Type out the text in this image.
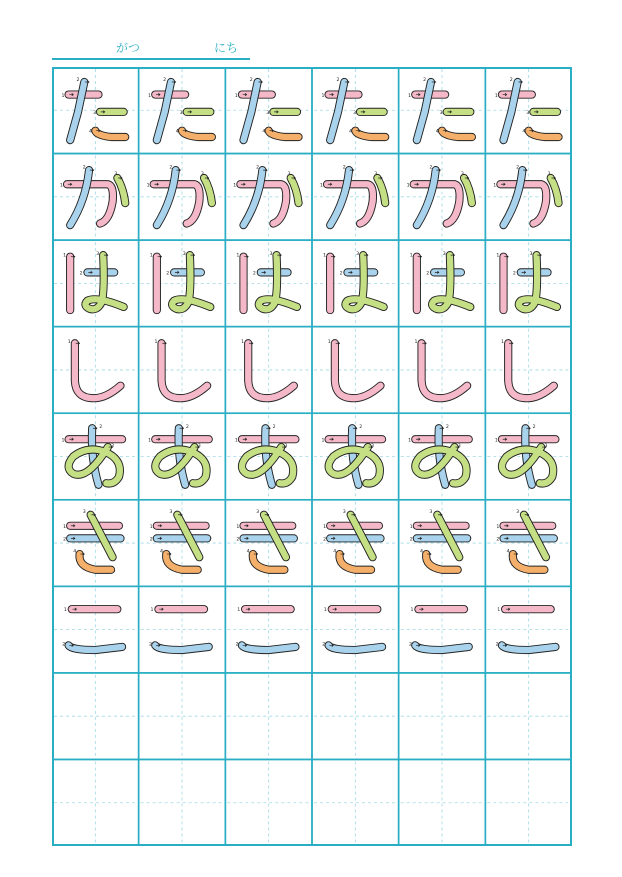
がつ	にち
1
2
3
4
1
2
3
1
2
3
1
1
2
3
1
2
3
4
1
2
1
2
3
4
1
2
3
1
2
3
1
1
2
3
1
2
3
4
1
2
1
2
3
4
1
2
3
1
2
3
1
1
2
3
1
2
3
4
1
2
1
2
3
4
1
2
3
1
2
3
1
1
2
3
1
2
3
4
1
2
1
2
3
4
1
2
3
1
2
3
1
1
2
3
1
2
3
4
1
2
1
2
3
4
1
2
3
1
2
3
1
1
2
3
1
2
3
4
1
2
